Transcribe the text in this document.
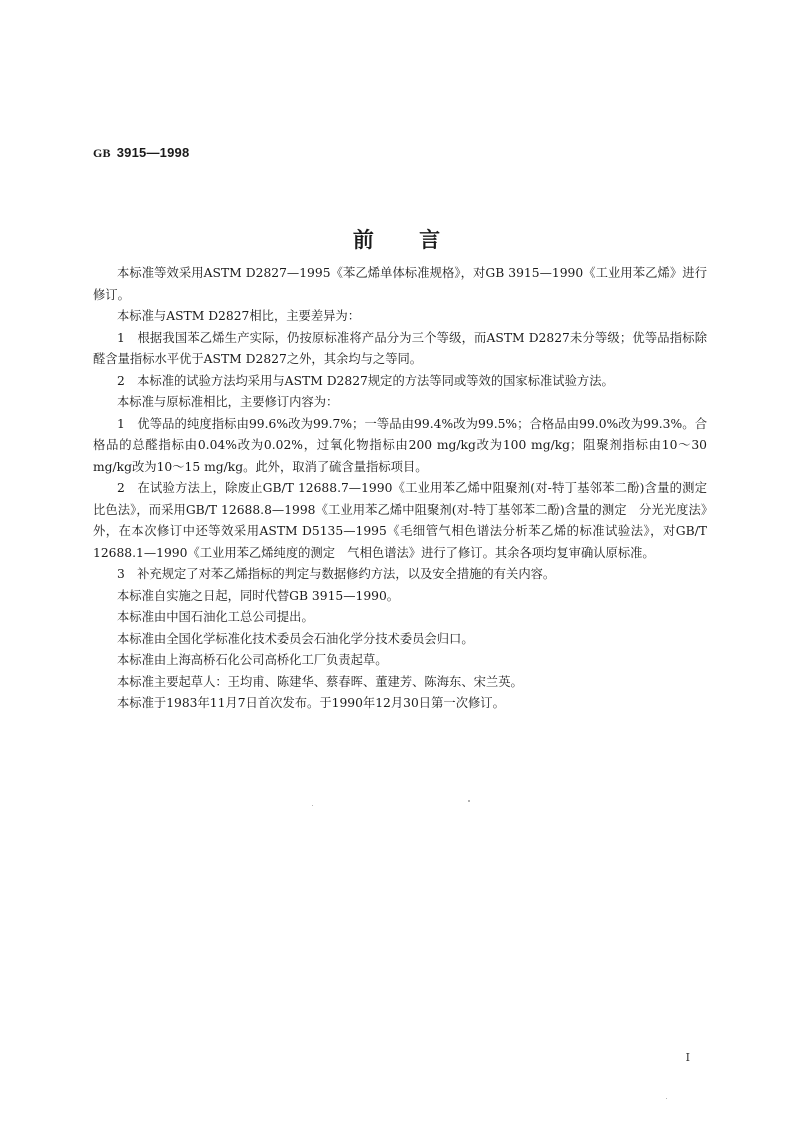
GB 3915—1998
前 言

本标准等效采用ASTM D2827—1995《苯乙烯单体标准规格》，对GB 3915—1990《工业用苯乙烯》进行修订。

本标准与ASTM D2827相比，主要差异为：

1　根据我国苯乙烯生产实际，仍按原标准将产品分为三个等级，而ASTM D2827未分等级；优等品指标除醛含量指标水平优于ASTM D2827之外，其余均与之等同。

2　本标准的试验方法均采用与ASTM D2827规定的方法等同或等效的国家标准试验方法。

本标准与原标准相比，主要修订内容为：

1　优等品的纯度指标由99.6%改为99.7%；一等品由99.4%改为99.5%；合格品由99.0%改为99.3%。合格品的总醛指标由0.04%改为0.02%，过氧化物指标由200 mg/kg改为100 mg/kg；阻聚剂指标由10～30 mg/kg改为10～15 mg/kg。此外，取消了硫含量指标项目。

2　在试验方法上，除废止GB/T 12688.7—1990《工业用苯乙烯中阻聚剂(对-特丁基邻苯二酚)含量的测定　比色法》，而采用GB/T 12688.8—1998《工业用苯乙烯中阻聚剂(对-特丁基邻苯二酚)含量的测定　分光光度法》外，在本次修订中还等效采用ASTM D5135—1995《毛细管气相色谱法分析苯乙烯的标准试验法》，对GB/T 12688.1—1990《工业用苯乙烯纯度的测定　气相色谱法》进行了修订。其余各项均复审确认原标准。

3　补充规定了对苯乙烯指标的判定与数据修约方法，以及安全措施的有关内容。

本标准自实施之日起，同时代替GB 3915—1990。

本标准由中国石油化工总公司提出。

本标准由全国化学标准化技术委员会石油化学分技术委员会归口。

本标准由上海高桥石化公司高桥化工厂负责起草。

本标准主要起草人：王均甫、陈建华、蔡春晖、董建芳、陈海东、宋兰英。

本标准于1983年11月7日首次发布。于1990年12月30日第一次修订。

I
